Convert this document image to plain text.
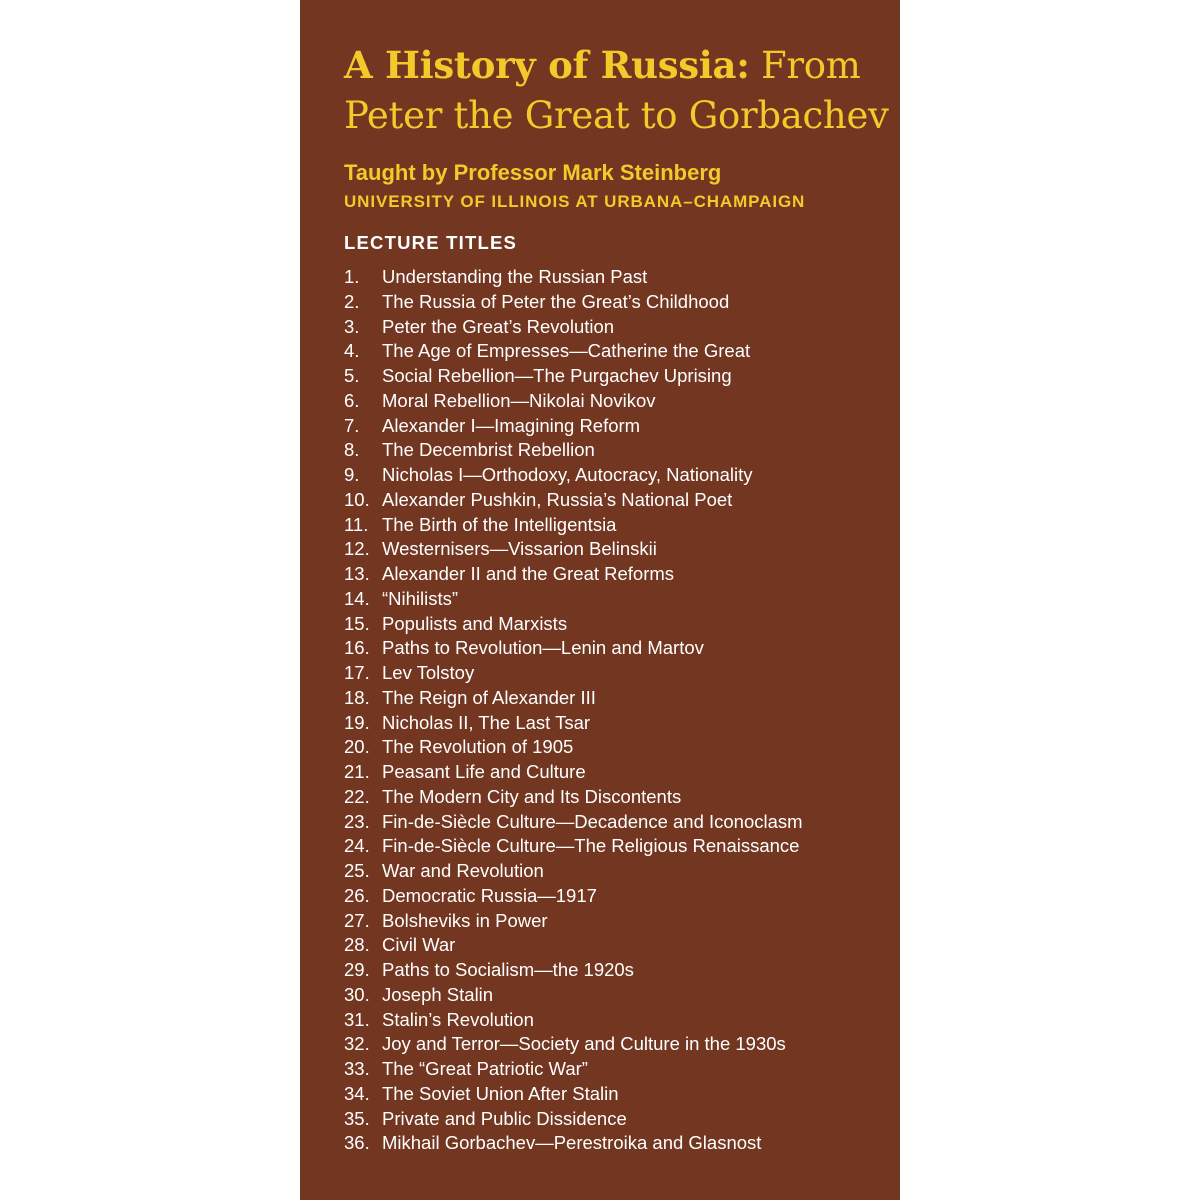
A History of Russia: From
Peter the Great to Gorbachev
Taught by Professor Mark Steinberg
UNIVERSITY OF ILLINOIS AT URBANA–CHAMPAIGN
LECTURE TITLES
1.	Understanding the Russian Past
2.	The Russia of Peter the Great’s Childhood
3.	Peter the Great’s Revolution
4.	The Age of Empresses—Catherine the Great
5.	Social Rebellion—The Purgachev Uprising
6.	Moral Rebellion—Nikolai Novikov
7.	Alexander I—Imagining Reform
8.	The Decembrist Rebellion
9.	Nicholas I—Orthodoxy, Autocracy, Nationality
10. Alexander Pushkin, Russia’s National Poet
11. The Birth of the Intelligentsia
12. Westernisers—Vissarion Belinskii
13. Alexander II and the Great Reforms
14. “Nihilists”
15. Populists and Marxists
16. Paths to Revolution—Lenin and Martov
17. Lev Tolstoy
18. The Reign of Alexander III
19. Nicholas II, The Last Tsar
20. The Revolution of 1905
21. Peasant Life and Culture
22. The Modern City and Its Discontents
23. Fin-de-Siècle Culture—Decadence and Iconoclasm
24. Fin-de-Siècle Culture—The Religious Renaissance
25. War and Revolution
26. Democratic Russia—1917
27. Bolsheviks in Power
28. Civil War
29. Paths to Socialism—the 1920s
30. Joseph Stalin
31. Stalin’s Revolution
32. Joy and Terror—Society and Culture in the 1930s
33. The “Great Patriotic War”
34. The Soviet Union After Stalin
35. Private and Public Dissidence
36. Mikhail Gorbachev—Perestroika and Glasnost
